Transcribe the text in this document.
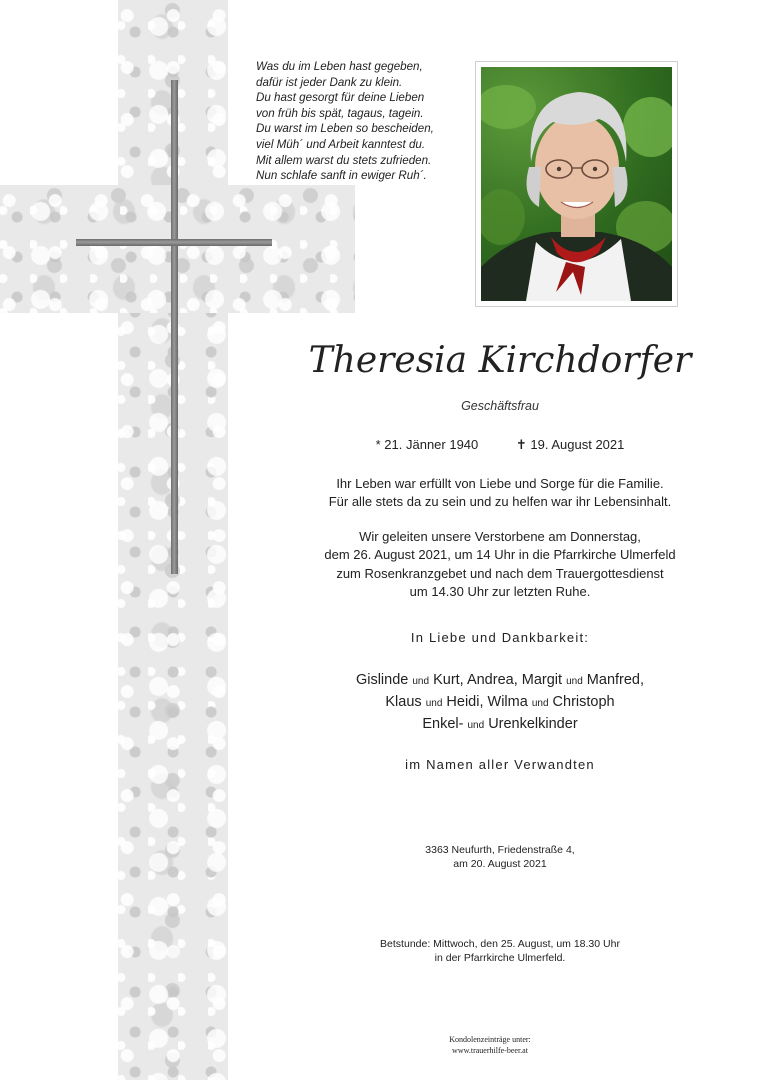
Was du im Leben hast gegeben,
dafür ist jeder Dank zu klein.
Du hast gesorgt für deine Lieben
von früh bis spät, tagaus, tagein.
Du warst im Leben so bescheiden,
viel Müh´ und Arbeit kanntest du.
Mit allem warst du stets zufrieden.
Nun schlafe sanft in ewiger Ruh´.

Theresia Kirchdorfer
Geschäftsfrau
* 21. Jänner 1940	✝ 19. August 2021

Ihr Leben war erfüllt von Liebe und Sorge für die Familie.
Für alle stets da zu sein und zu helfen war ihr Lebensinhalt.

Wir geleiten unsere Verstorbene am Donnerstag,
dem 26. August 2021, um 14 Uhr in die Pfarrkirche Ulmerfeld
zum Rosenkranzgebet und nach dem Trauergottesdienst
um 14.30 Uhr zur letzten Ruhe.

In Liebe und Dankbarkeit:

Gislinde und Kurt, Andrea, Margit und Manfred,
Klaus und Heidi, Wilma und Christoph

Enkel- und Urenkelkinder

im Namen aller Verwandten

3363 Neufurth, Friedenstraße 4,
am 20. August 2021

Betstunde: Mittwoch, den 25. August, um 18.30 Uhr
in der Pfarrkirche Ulmerfeld.

Kondolenzeinträge unter:
www.trauerhilfe-beer.at
